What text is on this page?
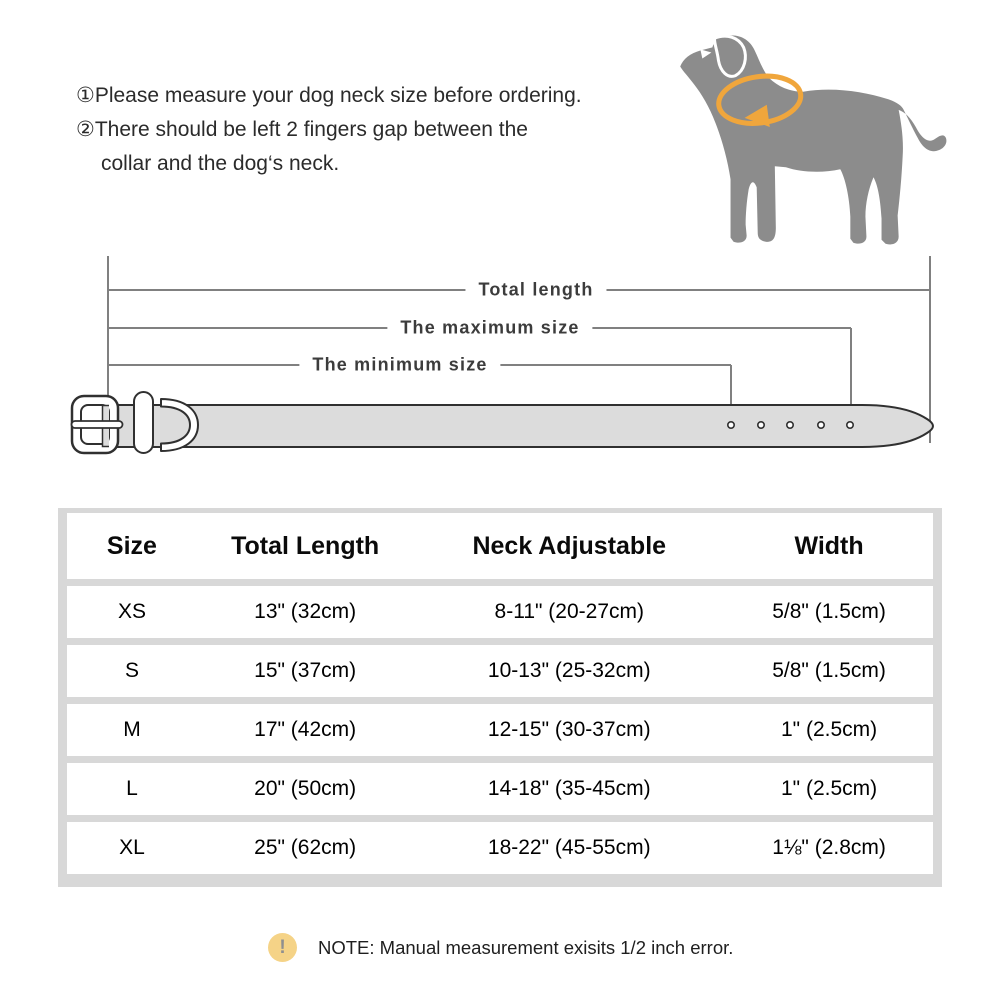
①Please measure your dog neck size before ordering.
②There should be left 2 fingers gap between the
collar and the dog‘s neck.
Total length
The maximum size
The minimum size
Size	Total Length	Neck Adjustable	Width
XS	13" (32cm)	8-11" (20-27cm)	5/8" (1.5cm)
S	15" (37cm)	10-13" (25-32cm)	5/8" (1.5cm)
M	17" (42cm)	12-15" (30-37cm)	1" (2.5cm)
L	20" (50cm)	14-18" (35-45cm)	1" (2.5cm)
XL	25" (62cm)	18-22" (45-55cm)	1⅛" (2.8cm)
! NOTE: Manual measurement exisits 1/2 inch error.
